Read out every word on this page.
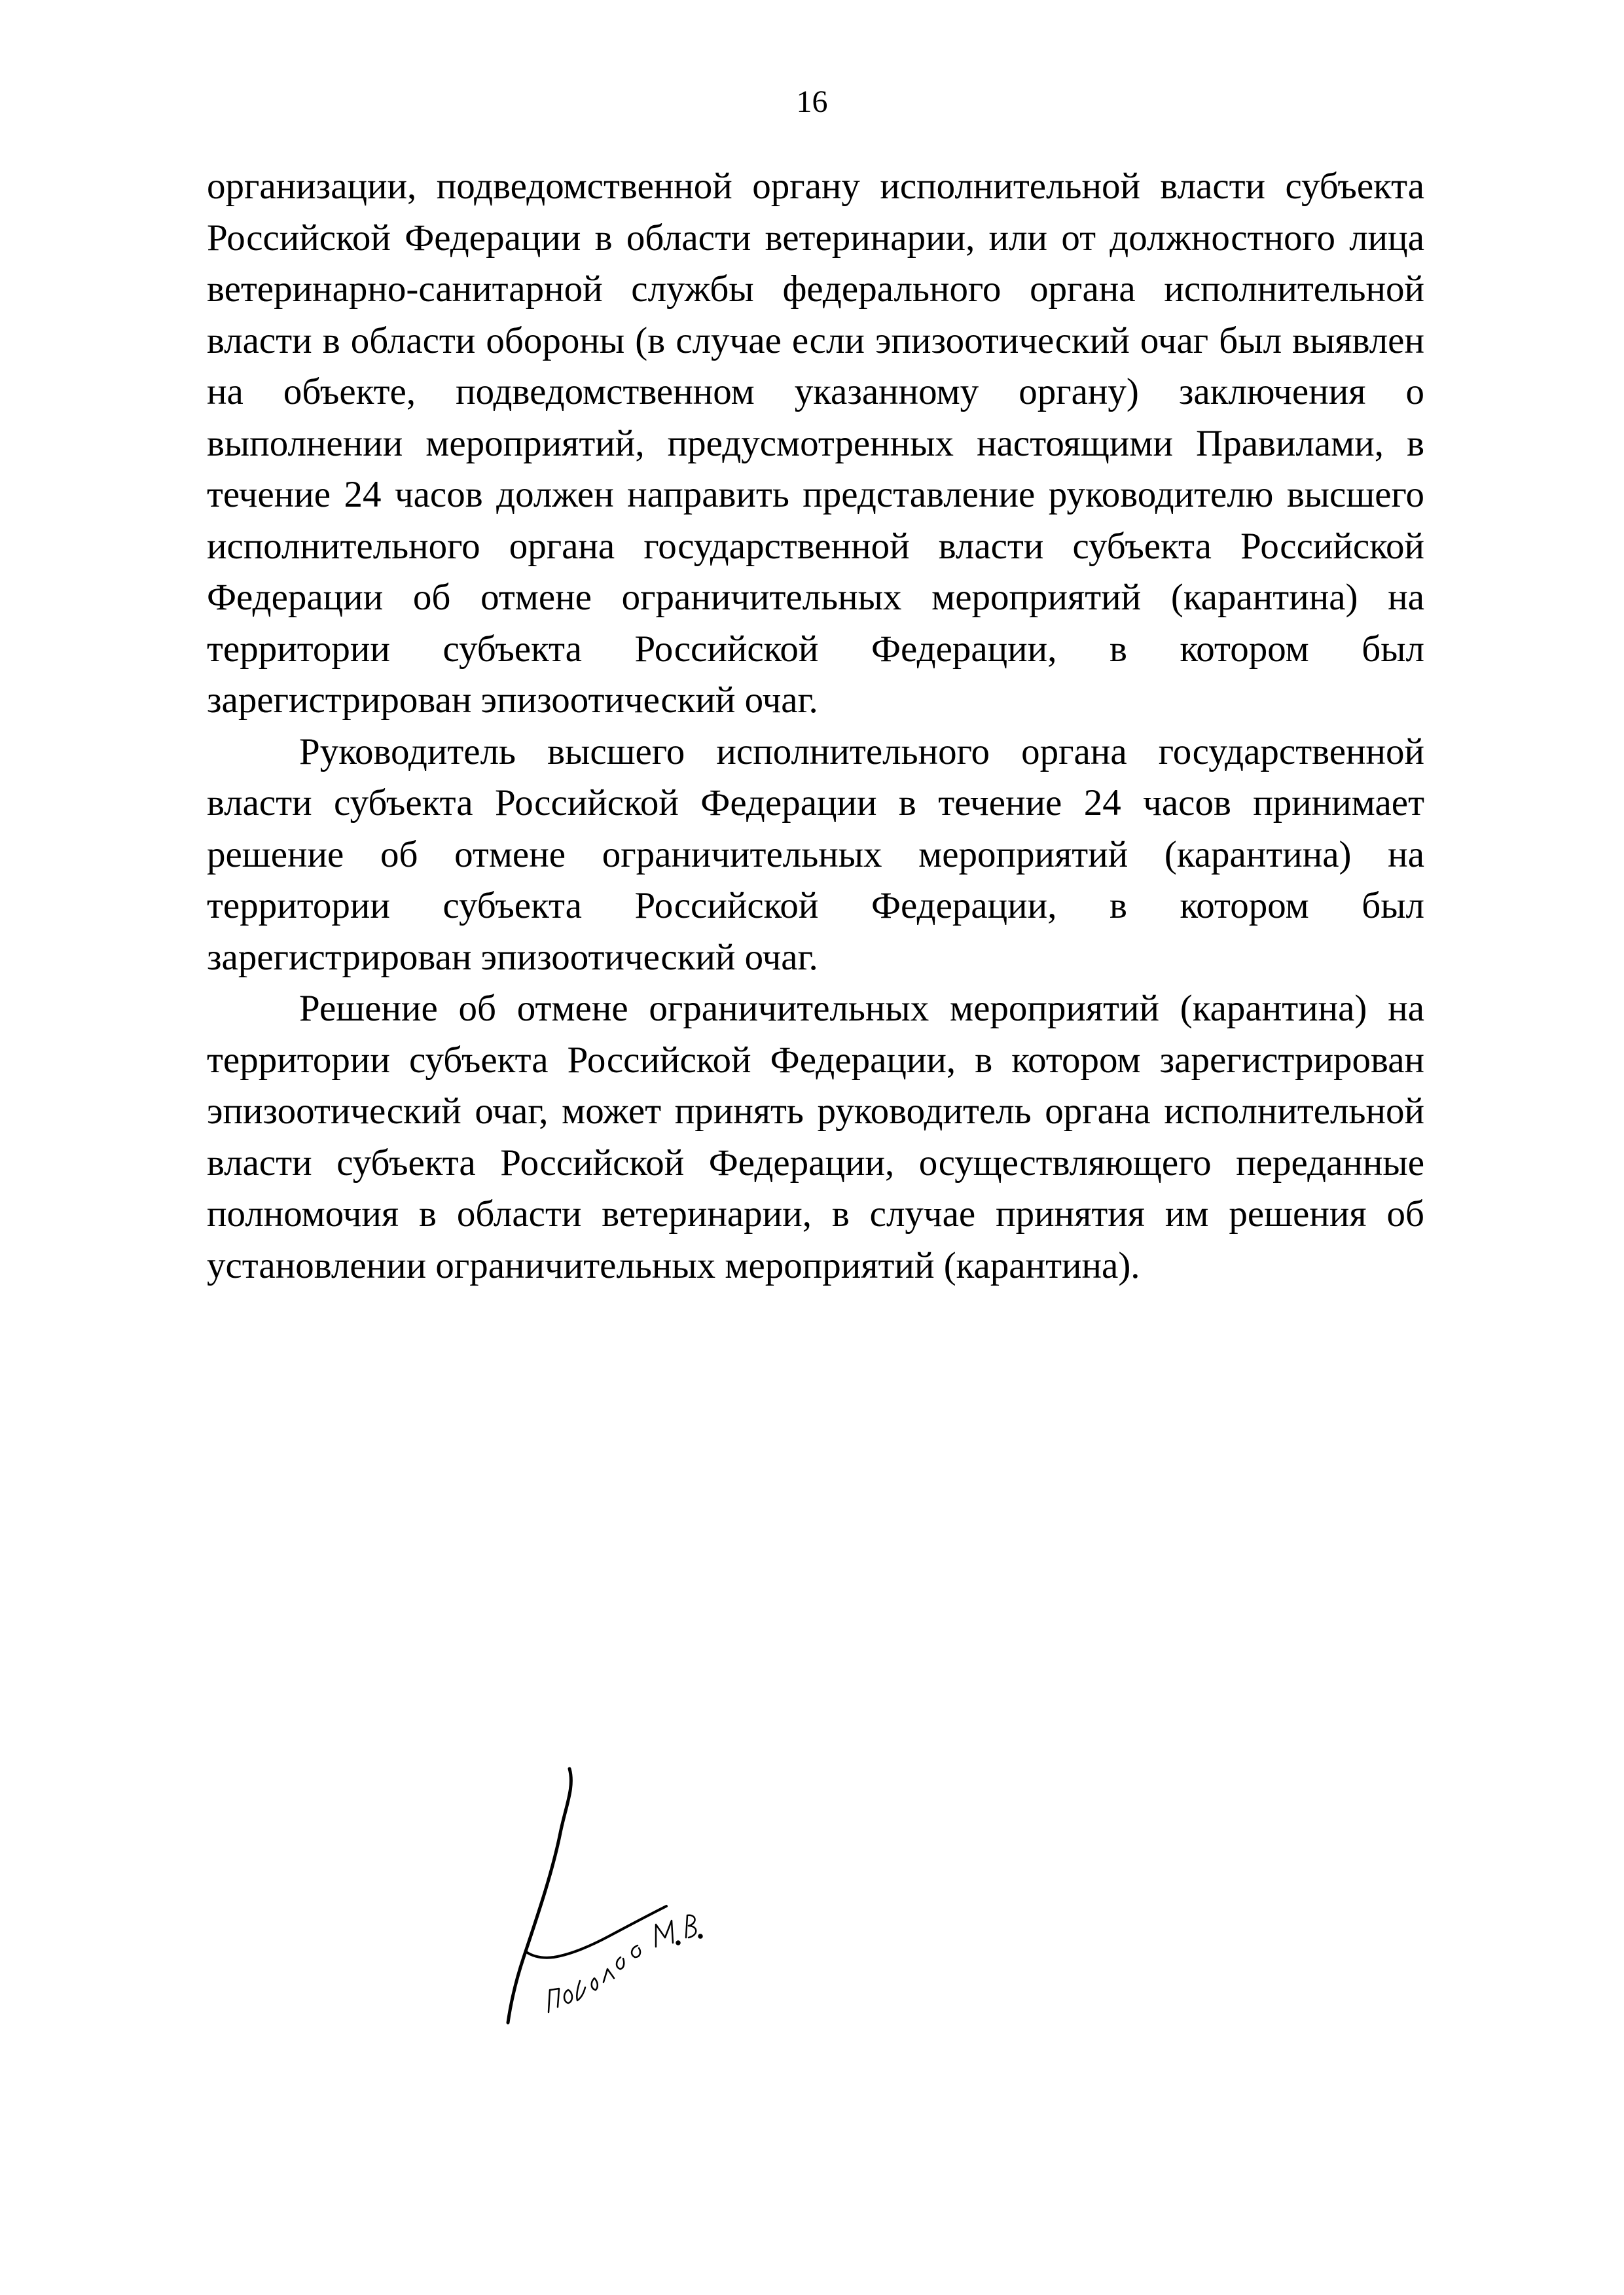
16

организации, подведомственной органу исполнительной власти субъекта Российской Федерации в области ветеринарии, или от должностного лица ветеринарно-санитарной службы федерального органа исполнительной власти в области обороны (в случае если эпизоотический очаг был выявлен на объекте, подведомственном указанному органу) заключения о выполнении мероприятий, предусмотренных настоящими Правилами, в течение 24 часов должен направить представление руководителю высшего исполнительного органа государственной власти субъекта Российской Федерации об отмене ограничительных мероприятий (карантина) на территории субъекта Российской Федерации, в котором был зарегистрирован эпизоотический очаг.

Руководитель высшего исполнительного органа государственной власти субъекта Российской Федерации в течение 24 часов принимает решение об отмене ограничительных мероприятий (карантина) на территории субъекта Российской Федерации, в котором был зарегистрирован эпизоотический очаг.

Решение об отмене ограничительных мероприятий (карантина) на территории субъекта Российской Федерации, в котором зарегистрирован эпизоотический очаг, может принять руководитель органа исполнительной власти субъекта Российской Федерации, осуществляющего переданные полномочия в области ветеринарии, в случае принятия им решения об установлении ограничительных мероприятий (карантина).
